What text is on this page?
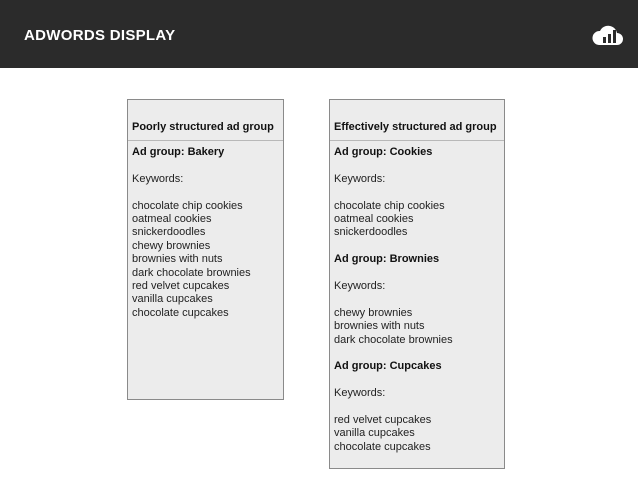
ADWORDS DISPLAY
Poorly structured ad group
Ad group: Bakery
Keywords:
chocolate chip cookies
oatmeal cookies
snickerdoodles
chewy brownies
brownies with nuts
dark chocolate brownies
red velvet cupcakes
vanilla cupcakes
chocolate cupcakes
Effectively structured ad group
Ad group: Cookies
Keywords:
chocolate chip cookies
oatmeal cookies
snickerdoodles
Ad group: Brownies
Keywords:
chewy brownies
brownies with nuts
dark chocolate brownies
Ad group: Cupcakes
Keywords:
red velvet cupcakes
vanilla cupcakes
chocolate cupcakes
